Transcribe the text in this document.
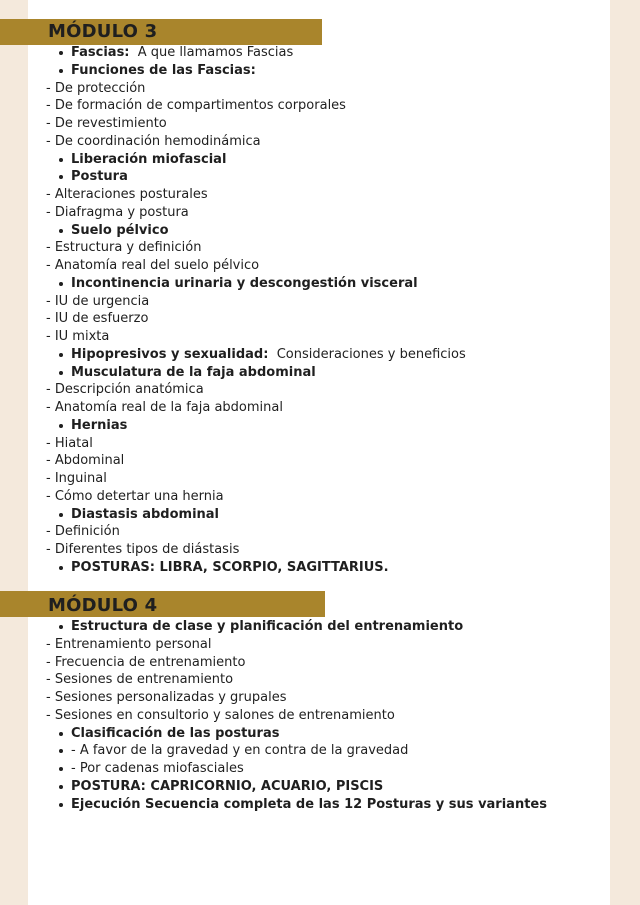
MÓDULO 3
Fascias:  A que llamamos Fascias
Funciones de las Fascias:
- De protección
- De formación de compartimentos corporales
- De revestimiento
- De coordinación hemodinámica
Liberación miofascial
Postura
- Alteraciones posturales
- Diafragma y postura
Suelo pélvico
- Estructura y definición
- Anatomía real del suelo pélvico
Incontinencia urinaria y descongestión visceral
- IU de urgencia
- IU de esfuerzo
- IU mixta
Hipopresivos y sexualidad:  Consideraciones y beneficios
Musculatura de la faja abdominal
- Descripción anatómica
- Anatomía real de la faja abdominal
Hernias
- Hiatal
- Abdominal
- Inguinal
- Cómo detertar una hernia
Diastasis abdominal
- Definición
- Diferentes tipos de diástasis
POSTURAS: LIBRA, SCORPIO, SAGITTARIUS.
MÓDULO 4
Estructura de clase y planificación del entrenamiento
- Entrenamiento personal
- Frecuencia de entrenamiento
- Sesiones de entrenamiento
- Sesiones personalizadas y grupales
- Sesiones en consultorio y salones de entrenamiento
Clasificación de las posturas
- A favor de la gravedad y en contra de la gravedad
- Por cadenas miofasciales
POSTURA: CAPRICORNIO, ACUARIO, PISCIS
Ejecución Secuencia completa de las 12 Posturas y sus variantes
